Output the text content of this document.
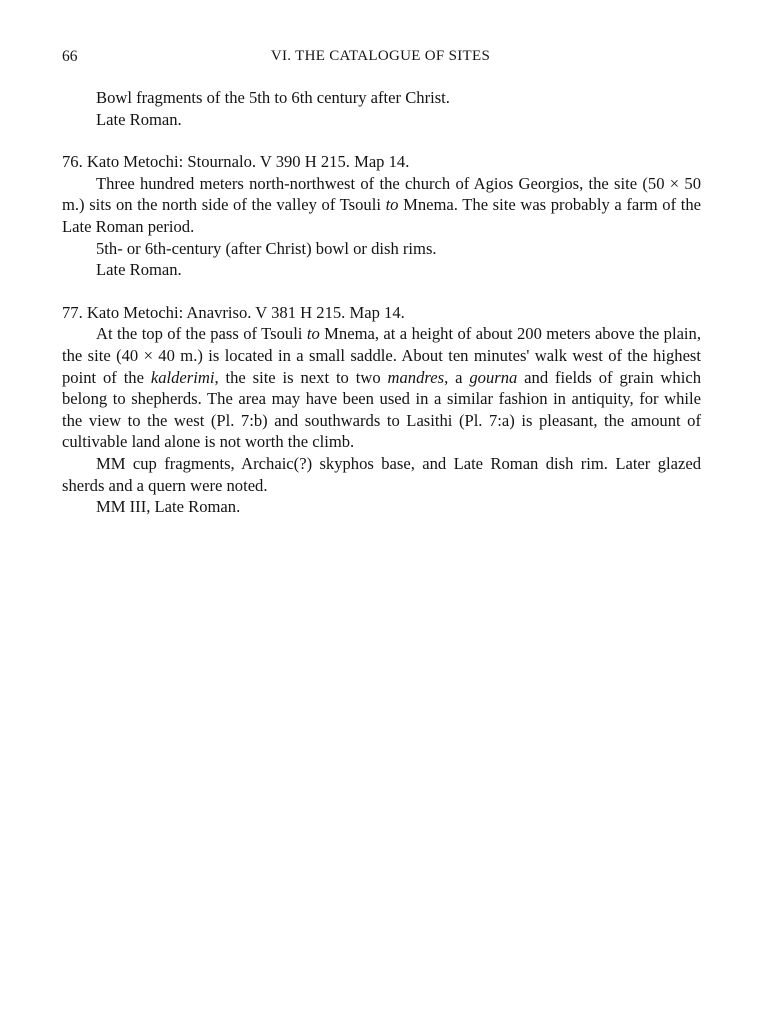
66	VI. THE CATALOGUE OF SITES

Bowl fragments of the 5th to 6th century after Christ.

Late Roman.

76. Kato Metochi: Stournalo. V 390 H 215. Map 14.

Three hundred meters north-northwest of the church of Agios Georgios, the site (50 × 50 m.) sits on the north side of the valley of Tsouli to Mnema. The site was probably a farm of the Late Roman period.

5th- or 6th-century (after Christ) bowl or dish rims.

Late Roman.

77. Kato Metochi: Anavriso. V 381 H 215. Map 14.

At the top of the pass of Tsouli to Mnema, at a height of about 200 meters above the plain, the site (40 × 40 m.) is located in a small saddle. About ten minutes' walk west of the highest point of the kalderimi, the site is next to two mandres, a gourna and fields of grain which belong to shepherds. The area may have been used in a similar fashion in antiquity, for while the view to the west (Pl. 7:b) and southwards to Lasithi (Pl. 7:a) is pleasant, the amount of cultivable land alone is not worth the climb.

MM cup fragments, Archaic(?) skyphos base, and Late Roman dish rim. Later glazed sherds and a quern were noted.

MM III, Late Roman.
